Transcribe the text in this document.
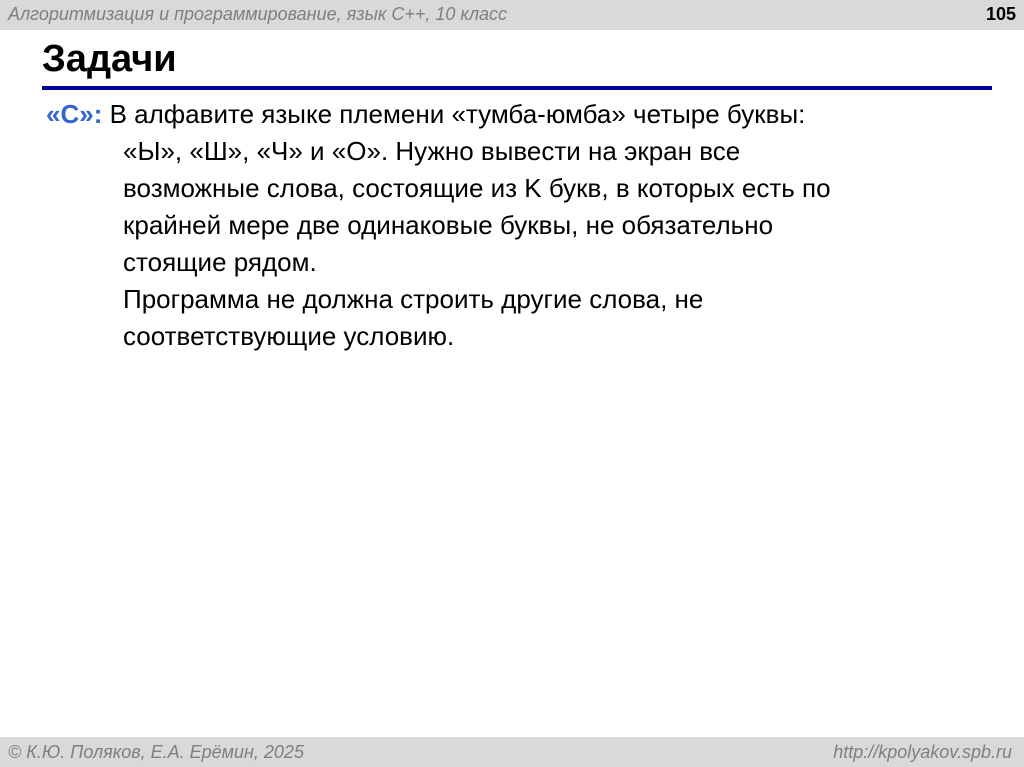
Алгоритмизация и программирование, язык C++, 10 класс	105
Задачи
«C»: В алфавите языке племени «тумба-юмба» четыре буквы:
«Ы», «Ш», «Ч» и «О». Нужно вывести на экран все
возможные слова, состоящие из K букв, в которых есть по
крайней мере две одинаковые буквы, не обязательно
стоящие рядом.
Программа не должна строить другие слова, не
соответствующие условию.
© К.Ю. Поляков, Е.А. Ерёмин, 2025	http://kpolyakov.spb.ru
